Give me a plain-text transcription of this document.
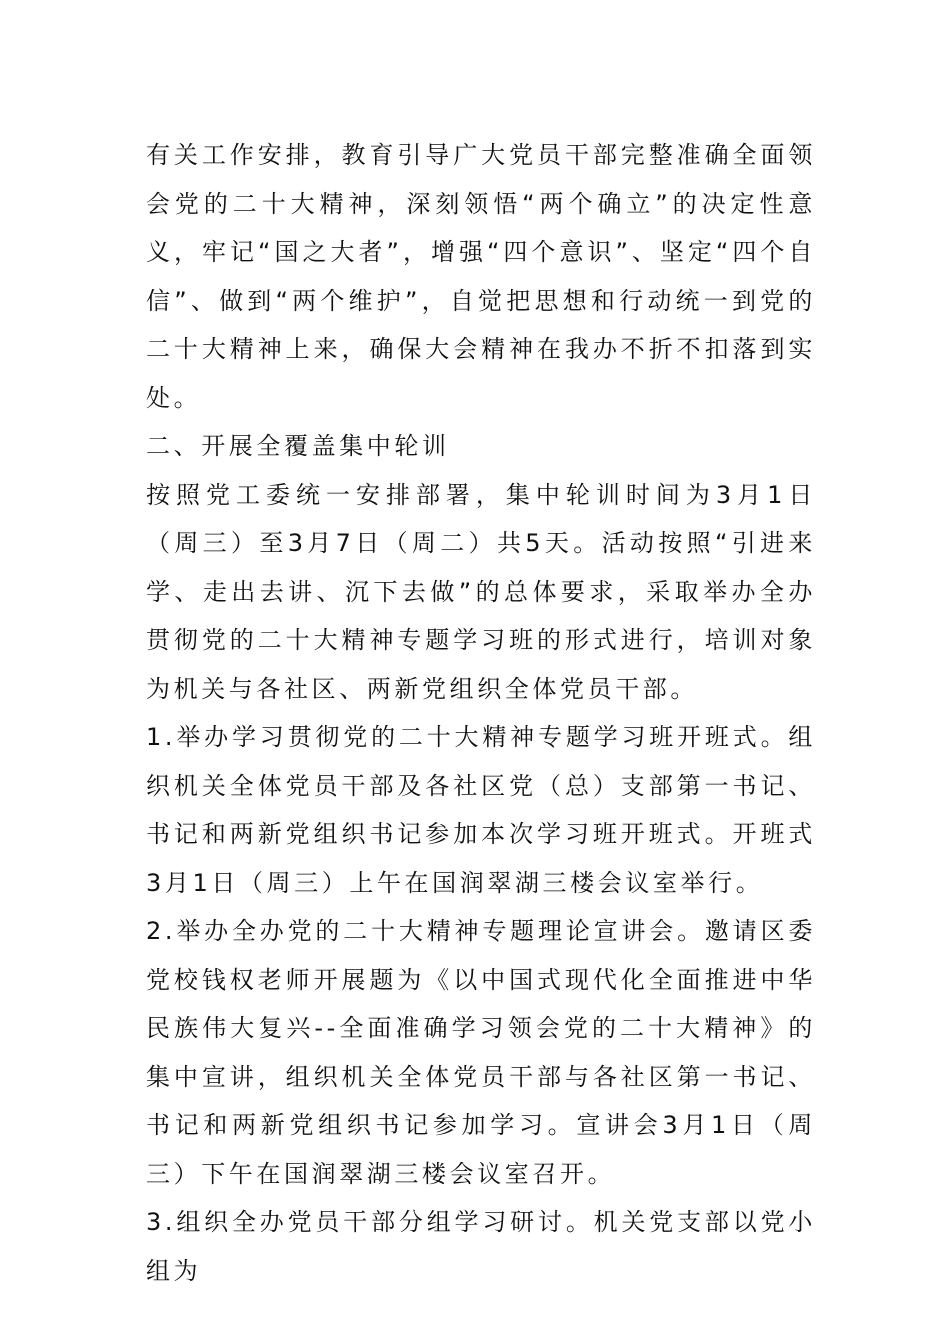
有关工作安排，教育引导广大党员干部完整准确全面领会党的二十大精神，深刻领悟“两个确立”的决定性意义，牢记“国之大者”，增强“四个意识”、坚定“四个自信”、做到“两个维护”，自觉把思想和行动统一到党的二十大精神上来，确保大会精神在我办不折不扣落到实处。

二、开展全覆盖集中轮训

按照党工委统一安排部署，集中轮训时间为3月1日（周三）至3月7日（周二）共5天。活动按照“引进来学、走出去讲、沉下去做”的总体要求，采取举办全办贯彻党的二十大精神专题学习班的形式进行，培训对象为机关与各社区、两新党组织全体党员干部。

1.举办学习贯彻党的二十大精神专题学习班开班式。组织机关全体党员干部及各社区党（总）支部第一书记、书记和两新党组织书记参加本次学习班开班式。开班式3月1日（周三）上午在国润翠湖三楼会议室举行。

2.举办全办党的二十大精神专题理论宣讲会。邀请区委党校钱权老师开展题为《以中国式现代化全面推进中华民族伟大复兴--全面准确学习领会党的二十大精神》的集中宣讲，组织机关全体党员干部与各社区第一书记、书记和两新党组织书记参加学习。宣讲会3月1日（周三）下午在国润翠湖三楼会议室召开。

3.组织全办党员干部分组学习研讨。机关党支部以党小组为
